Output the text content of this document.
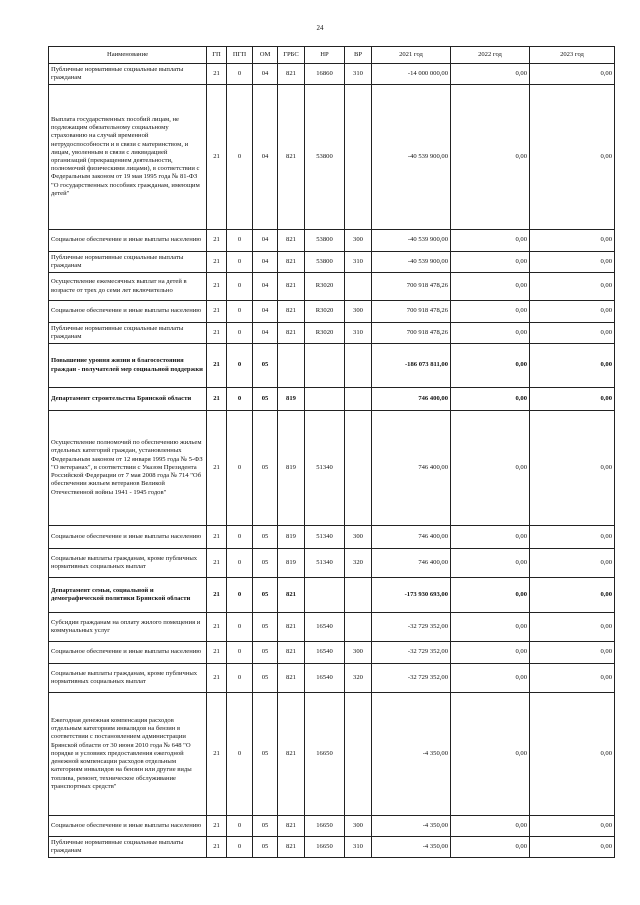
24
Наименование	ГП	ПГП	ОМ	ГРБС	НР	ВР	2021 год	2022 год	2023 год
Публичные нормативные социальные выплаты гражданам	21	0	04	821	16860	310	-14 000 000,00	0,00	0,00
Выплата государственных пособий лицам, не подлежащим обязательному социальному страхованию на случай временной нетрудоспособности и в связи с материнством, и лицам, уволенным в связи с ликвидацией организаций (прекращением деятельности, полномочий физическими лицами), в соответствии с Федеральным законом от 19 мая 1995 года № 81-ФЗ "О государственных пособиях гражданам, имеющим детей"	21	0	04	821	53800		-40 539 900,00	0,00	0,00
Социальное обеспечение и иные выплаты населению	21	0	04	821	53800	300	-40 539 900,00	0,00	0,00
Публичные нормативные социальные выплаты гражданам	21	0	04	821	53800	310	-40 539 900,00	0,00	0,00
Осуществление ежемесячных выплат на детей в возрасте от трех до семи лет включительно	21	0	04	821	R3020		700 918 478,26	0,00	0,00
Социальное обеспечение и иные выплаты населению	21	0	04	821	R3020	300	700 918 478,26	0,00	0,00
Публичные нормативные социальные выплаты гражданам	21	0	04	821	R3020	310	700 918 478,26	0,00	0,00
Повышение уровня жизни и благосостояния граждан - получателей мер социальной поддержки	21	0	05				-186 073 811,00	0,00	0,00
Департамент строительства Брянской области	21	0	05	819			746 400,00	0,00	0,00
Осуществление полномочий по обеспечению жильем отдельных категорий граждан, установленных Федеральным законом от 12 января 1995 года № 5-ФЗ "О ветеранах", в соответствии с Указом Президента Российской Федерации от 7 мая 2008 года № 714 "Об обеспечении жильем ветеранов Великой Отечественной войны 1941 - 1945 годов"	21	0	05	819	51340		746 400,00	0,00	0,00
Социальное обеспечение и иные выплаты населению	21	0	05	819	51340	300	746 400,00	0,00	0,00
Социальные выплаты гражданам, кроме публичных нормативных социальных выплат	21	0	05	819	51340	320	746 400,00	0,00	0,00
Департамент семьи, социальной и демографической политики Брянской области	21	0	05	821			-173 930 693,00	0,00	0,00
Субсидии гражданам на оплату жилого помещения и коммунальных услуг	21	0	05	821	16540		-32 729 352,00	0,00	0,00
Социальное обеспечение и иные выплаты населению	21	0	05	821	16540	300	-32 729 352,00	0,00	0,00
Социальные выплаты гражданам, кроме публичных нормативных социальных выплат	21	0	05	821	16540	320	-32 729 352,00	0,00	0,00
Ежегодная денежная компенсация расходов отдельным категориям инвалидов на бензин в соответствии с постановлением администрации Брянской области от 30 июня 2010 года № 648 "О порядке и условиях предоставления ежегодной денежной компенсации расходов отдельным категориям инвалидов на бензин или другие виды топлива, ремонт, техническое обслуживание транспортных средств"	21	0	05	821	16650		-4 350,00	0,00	0,00
Социальное обеспечение и иные выплаты населению	21	0	05	821	16650	300	-4 350,00	0,00	0,00
Публичные нормативные социальные выплаты гражданам	21	0	05	821	16650	310	-4 350,00	0,00	0,00
